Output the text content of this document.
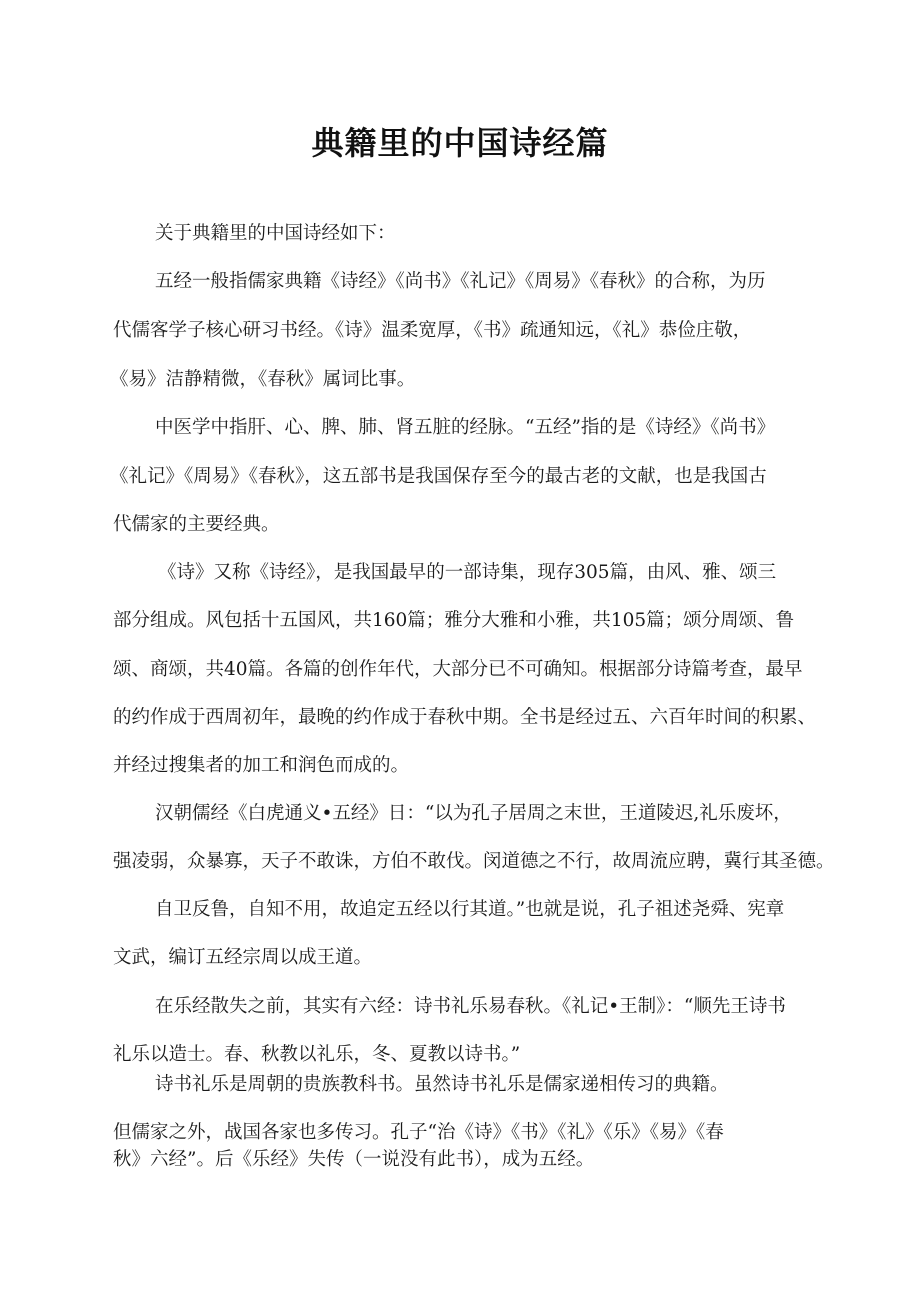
典籍里的中国诗经篇
关于典籍里的中国诗经如下：
五经一般指儒家典籍《诗经》《尚书》《礼记》《周易》《春秋》的合称，为历
代儒客学子核心研习书经。《诗》温柔宽厚，《书》疏通知远，《礼》恭俭庄敬，
《易》洁静精微，《春秋》属词比事。
中医学中指肝、心、脾、肺、肾五脏的经脉。“五经”指的是《诗经》《尚书》
《礼记》《周易》《春秋》，这五部书是我国保存至今的最古老的文献，也是我国古
代儒家的主要经典。
《诗》又称《诗经》，是我国最早的一部诗集，现存305篇，由风、雅、颂三
部分组成。风包括十五国风，共160篇；雅分大雅和小雅，共105篇；颂分周颂、鲁
颂、商颂，共40篇。各篇的创作年代，大部分已不可确知。根据部分诗篇考查，最早
的约作成于西周初年，最晚的约作成于春秋中期。全书是经过五、六百年时间的积累、
并经过搜集者的加工和润色而成的。
汉朝儒经《白虎通义•五经》日：“以为孔子居周之末世，王道陵迟,礼乐废坏，
强凌弱，众暴寡，天子不敢诛，方伯不敢伐。闵道德之不行，故周流应聘，冀行其圣德。
自卫反鲁，自知不用，故追定五经以行其道。”也就是说，孔子祖述尧舜、宪章
文武，编订五经宗周以成王道。
在乐经散失之前，其实有六经：诗书礼乐易春秋。《礼记•王制》：“顺先王诗书
礼乐以造士。春、秋教以礼乐，冬、夏教以诗书。”
诗书礼乐是周朝的贵族教科书。虽然诗书礼乐是儒家递相传习的典籍。
但儒家之外，战国各家也多传习。孔子“治《诗》《书》《礼》《乐》《易》《春
秋》六经”。后《乐经》失传（一说没有此书），成为五经。
